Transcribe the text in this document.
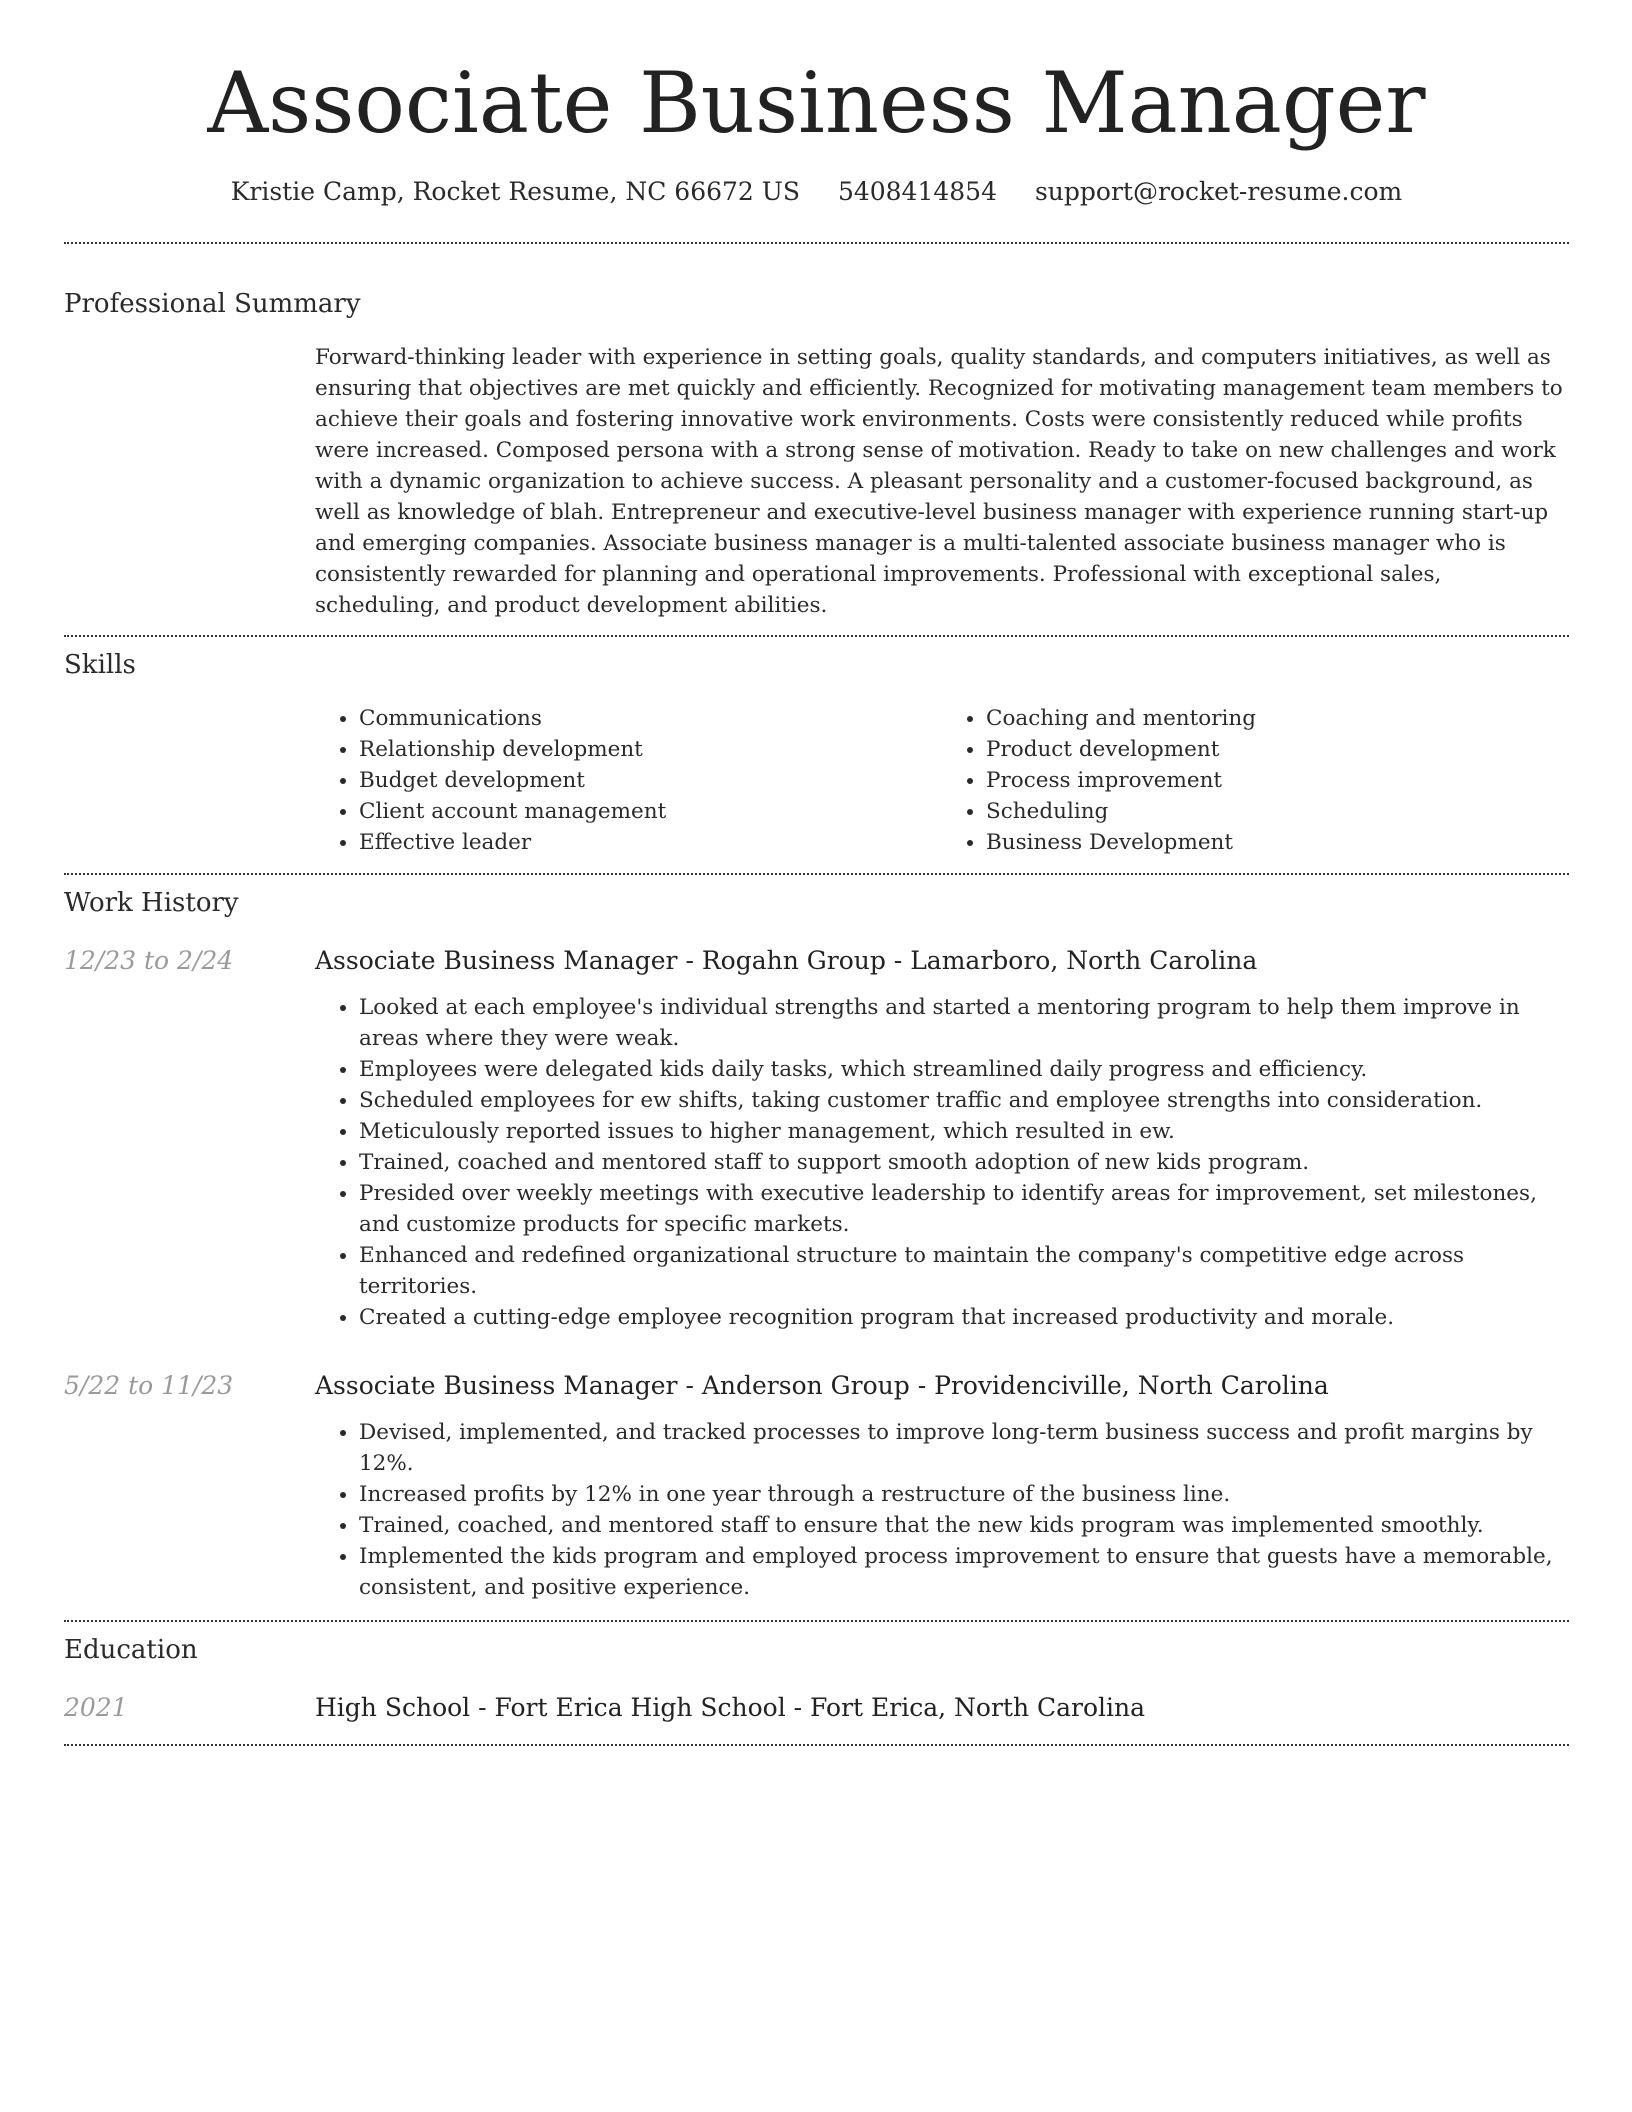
Associate Business Manager
Kristie Camp, Rocket Resume, NC 66672 US 5408414854 support@rocket-resume.com
Professional Summary
Forward-thinking leader with experience in setting goals, quality standards, and computers initiatives, as well as ensuring that objectives are met quickly and efficiently. Recognized for motivating management team members to achieve their goals and fostering innovative work environments. Costs were consistently reduced while profits were increased. Composed persona with a strong sense of motivation. Ready to take on new challenges and work with a dynamic organization to achieve success. A pleasant personality and a customer-focused background, as well as knowledge of blah. Entrepreneur and executive-level business manager with experience running start-up and emerging companies. Associate business manager is a multi-talented associate business manager who is consistently rewarded for planning and operational improvements. Professional with exceptional sales, scheduling, and product development abilities.
Skills
• Communications
• Relationship development
• Budget development
• Client account management
• Effective leader
• Coaching and mentoring
• Product development
• Process improvement
• Scheduling
• Business Development
Work History
12/23 to 2/24	Associate Business Manager - Rogahn Group - Lamarboro, North Carolina
• Looked at each employee's individual strengths and started a mentoring program to help them improve in areas where they were weak.
• Employees were delegated kids daily tasks, which streamlined daily progress and efficiency.
• Scheduled employees for ew shifts, taking customer traffic and employee strengths into consideration.
• Meticulously reported issues to higher management, which resulted in ew.
• Trained, coached and mentored staff to support smooth adoption of new kids program.
• Presided over weekly meetings with executive leadership to identify areas for improvement, set milestones, and customize products for specific markets.
• Enhanced and redefined organizational structure to maintain the company's competitive edge across territories.
• Created a cutting-edge employee recognition program that increased productivity and morale.
5/22 to 11/23	Associate Business Manager - Anderson Group - Providenciville, North Carolina
• Devised, implemented, and tracked processes to improve long-term business success and profit margins by 12%.
• Increased profits by 12% in one year through a restructure of the business line.
• Trained, coached, and mentored staff to ensure that the new kids program was implemented smoothly.
• Implemented the kids program and employed process improvement to ensure that guests have a memorable, consistent, and positive experience.
Education
2021	High School - Fort Erica High School - Fort Erica, North Carolina
